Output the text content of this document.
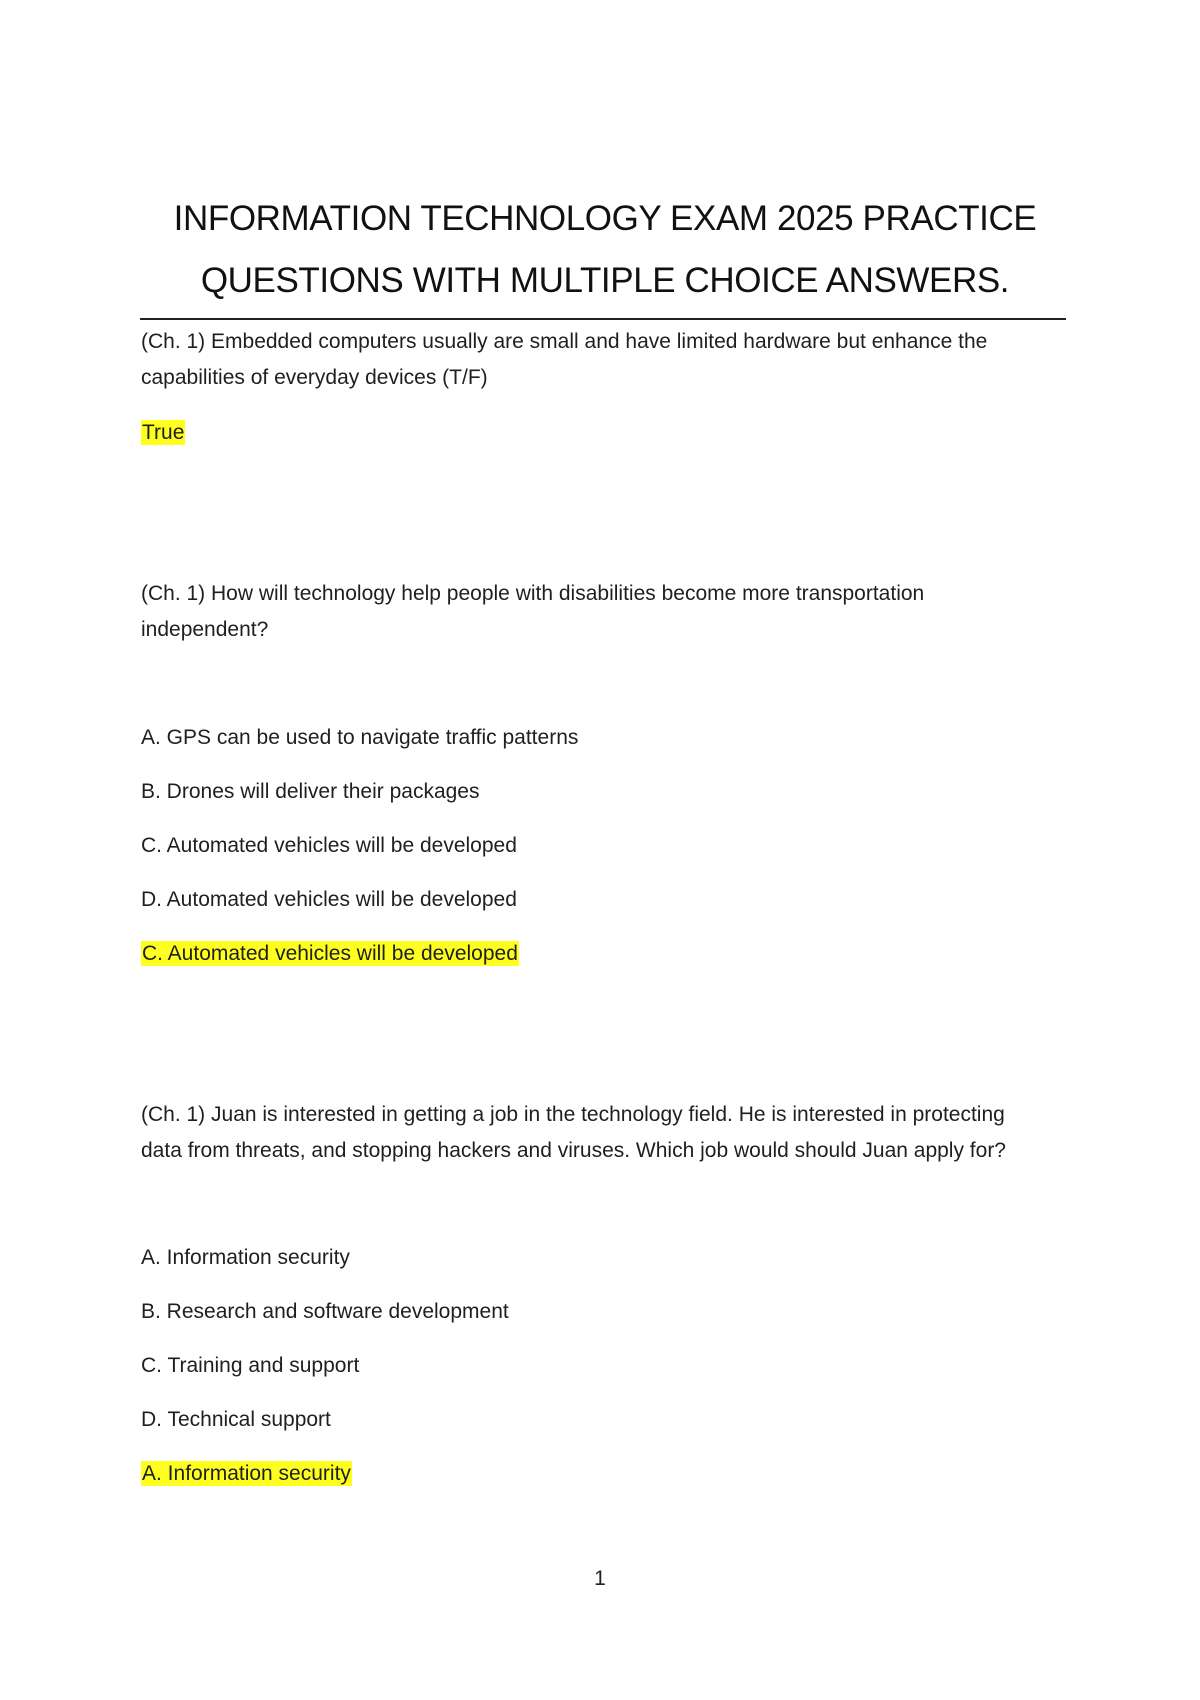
INFORMATION TECHNOLOGY EXAM 2025 PRACTICE
QUESTIONS WITH MULTIPLE CHOICE ANSWERS.
(Ch. 1) Embedded computers usually are small and have limited hardware but enhance the
capabilities of everyday devices (T/F)
True
(Ch. 1) How will technology help people with disabilities become more transportation
independent?
A. GPS can be used to navigate traffic patterns
B. Drones will deliver their packages
C. Automated vehicles will be developed
D. Automated vehicles will be developed
C. Automated vehicles will be developed
(Ch. 1) Juan is interested in getting a job in the technology field. He is interested in protecting
data from threats, and stopping hackers and viruses. Which job would should Juan apply for?
A. Information security
B. Research and software development
C. Training and support
D. Technical support
A. Information security
1
